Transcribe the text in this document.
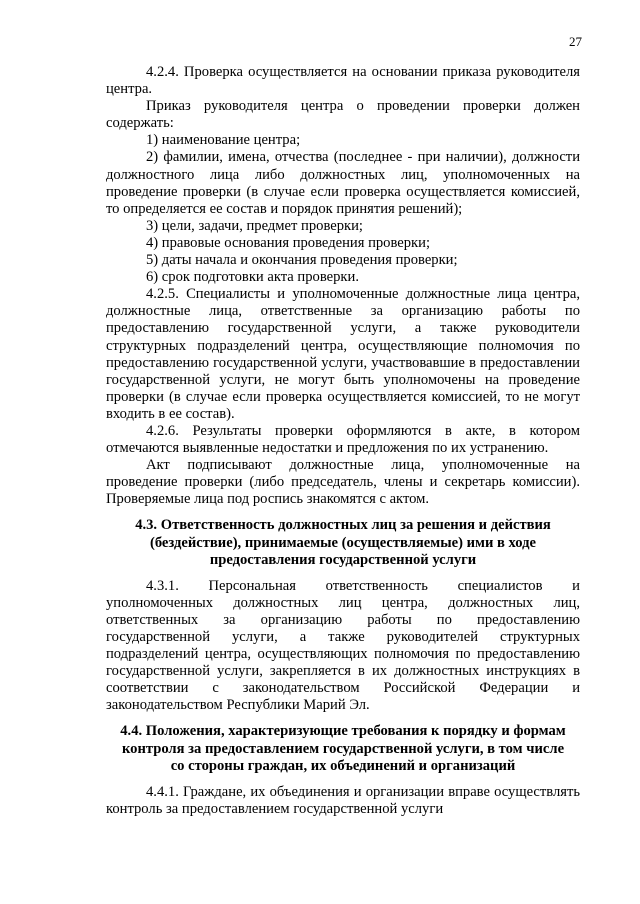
27

4.2.4. Проверка осуществляется на основании приказа руководителя центра.

Приказ руководителя центра о проведении проверки должен содержать:

1) наименование центра;

2) фамилии, имена, отчества (последнее - при наличии), должности должностного лица либо должностных лиц, уполномоченных на проведение проверки (в случае если проверка осуществляется комиссией, то определяется ее состав и порядок принятия решений);

3) цели, задачи, предмет проверки;

4) правовые основания проведения проверки;

5) даты начала и окончания проведения проверки;

6) срок подготовки акта проверки.

4.2.5. Специалисты и уполномоченные должностные лица центра, должностные лица, ответственные за организацию работы по предоставлению государственной услуги, а также руководители структурных подразделений центра, осуществляющие полномочия по предоставлению государственной услуги, участвовавшие в предоставлении государственной услуги, не могут быть уполномочены на проведение проверки (в случае если проверка осуществляется комиссией, то не могут входить в ее состав).

4.2.6. Результаты проверки оформляются в акте, в котором отмечаются выявленные недостатки и предложения по их устранению.

Акт подписывают должностные лица, уполномоченные на проведение проверки (либо председатель, члены и секретарь комиссии). Проверяемые лица под роспись знакомятся с актом.

4.3. Ответственность должностных лиц за решения и действия
(бездействие), принимаемые (осуществляемые) ими в ходе
предоставления государственной услуги

4.3.1. Персональная ответственность специалистов и уполномоченных должностных лиц центра, должностных лиц, ответственных за организацию работы по предоставлению государственной услуги, а также руководителей структурных подразделений центра, осуществляющих полномочия по предоставлению государственной услуги, закрепляется в их должностных инструкциях в соответствии с законодательством Российской Федерации и законодательством Республики Марий Эл.

4.4. Положения, характеризующие требования к порядку и формам
контроля за предоставлением государственной услуги, в том числе
со стороны граждан, их объединений и организаций

4.4.1. Граждане, их объединения и организации вправе осуществлять контроль за предоставлением государственной услуги
